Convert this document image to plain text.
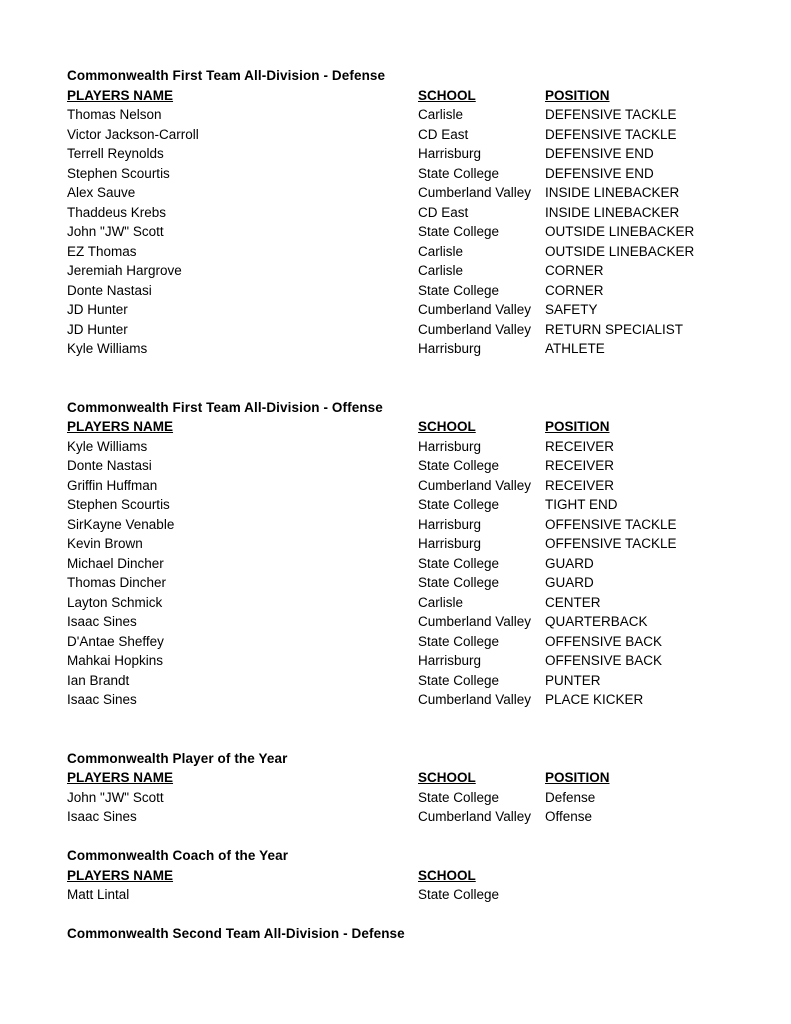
Commonwealth First Team All-Division - Defense
PLAYERS NAME	SCHOOL	POSITION
Thomas Nelson	Carlisle	DEFENSIVE TACKLE
Victor Jackson-Carroll	CD East	DEFENSIVE TACKLE
Terrell Reynolds	Harrisburg	DEFENSIVE END
Stephen Scourtis	State College	DEFENSIVE END
Alex Sauve	Cumberland Valley	INSIDE LINEBACKER
Thaddeus Krebs	CD East	INSIDE LINEBACKER
John "JW" Scott	State College	OUTSIDE LINEBACKER
EZ Thomas	Carlisle	OUTSIDE LINEBACKER
Jeremiah Hargrove	Carlisle	CORNER
Donte Nastasi	State College	CORNER
JD Hunter	Cumberland Valley	SAFETY
JD Hunter	Cumberland Valley	RETURN SPECIALIST
Kyle Williams	Harrisburg	ATHLETE
Commonwealth First Team All-Division - Offense
PLAYERS NAME	SCHOOL	POSITION
Kyle Williams	Harrisburg	RECEIVER
Donte Nastasi	State College	RECEIVER
Griffin Huffman	Cumberland Valley	RECEIVER
Stephen Scourtis	State College	TIGHT END
SirKayne Venable	Harrisburg	OFFENSIVE TACKLE
Kevin Brown	Harrisburg	OFFENSIVE TACKLE
Michael Dincher	State College	GUARD
Thomas Dincher	State College	GUARD
Layton Schmick	Carlisle	CENTER
Isaac Sines	Cumberland Valley	QUARTERBACK
D'Antae Sheffey	State College	OFFENSIVE BACK
Mahkai Hopkins	Harrisburg	OFFENSIVE BACK
Ian Brandt	State College	PUNTER
Isaac Sines	Cumberland Valley	PLACE KICKER
Commonwealth Player of the Year
PLAYERS NAME	SCHOOL	POSITION
John "JW" Scott	State College	Defense
Isaac Sines	Cumberland Valley	Offense
Commonwealth Coach of the Year
PLAYERS NAME	SCHOOL
Matt Lintal	State College
Commonwealth Second Team All-Division - Defense
